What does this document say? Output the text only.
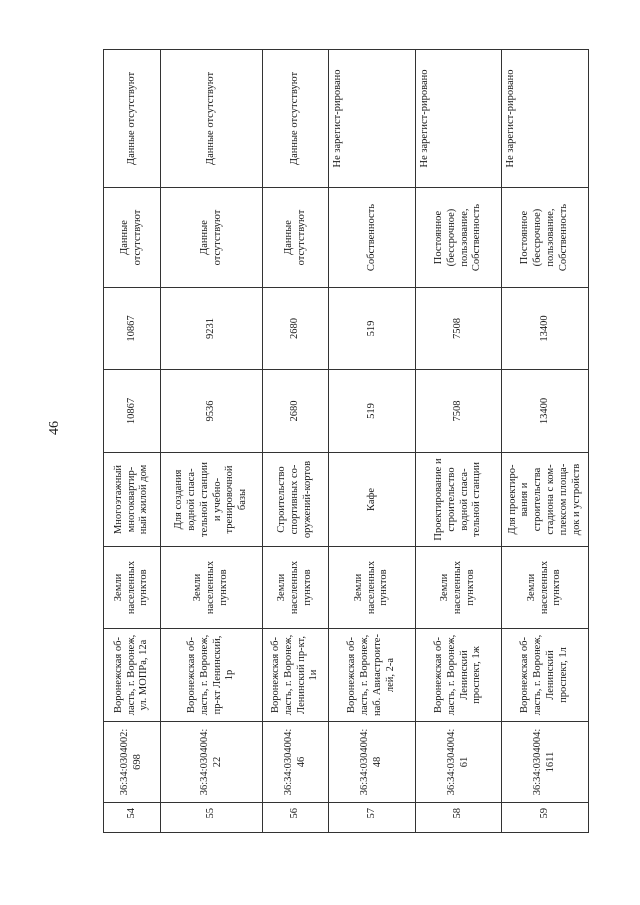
46
54	36:34:0304002:698	Воронежская об-ласть, г. Воронеж, ул. МОПРа, 12а	Земли населенных пунктов	Многоэтажный многоквартир-ный жилой дом	10867	10867	Данные отсутствуют	Данные отсутствуют
55	36:34:0304004:22	Воронежская об-ласть, г. Воронеж, пр-кт Ленинский, 1р	Земли населенных пунктов	Для создания водной спаса-тельной станции и учебно-тренировочной базы	9536	9231	Данные отсутствуют	Данные отсутствуют
56	36:34:0304004:46	Воронежская об-ласть, г. Воронеж, Ленинский пр-кт, 1и	Земли населенных пунктов	Строительство спортивных со-оружений-кортов	2680	2680	Данные отсутствуют	Данные отсутствуют
57	36:34:0304004:48	Воронежская об-ласть, г. Воронеж, наб. Авиастроите-лей, 2-а	Земли населенных пунктов	Кафе	519	519	Собственность	Не зарегист-рировано
58	36:34:0304004:61	Воронежская об-ласть, г. Воронеж, Ленинский проспект, 1ж	Земли населенных пунктов	Проектирование и строительство водной спаса-тельной станции	7508	7508	Постоянное (бессрочное) пользование, Собственность	Не зарегист-рировано
59	36:34:0304004:1611	Воронежская об-ласть, г. Воронеж, Ленинский проспект, 1л	Земли населенных пунктов	Для проектиро-вания и строительства стадиона с ком-плексом площа-док и устройств	13400	13400	Постоянное (бессрочное) пользование, Собственность	Не зарегист-рировано
